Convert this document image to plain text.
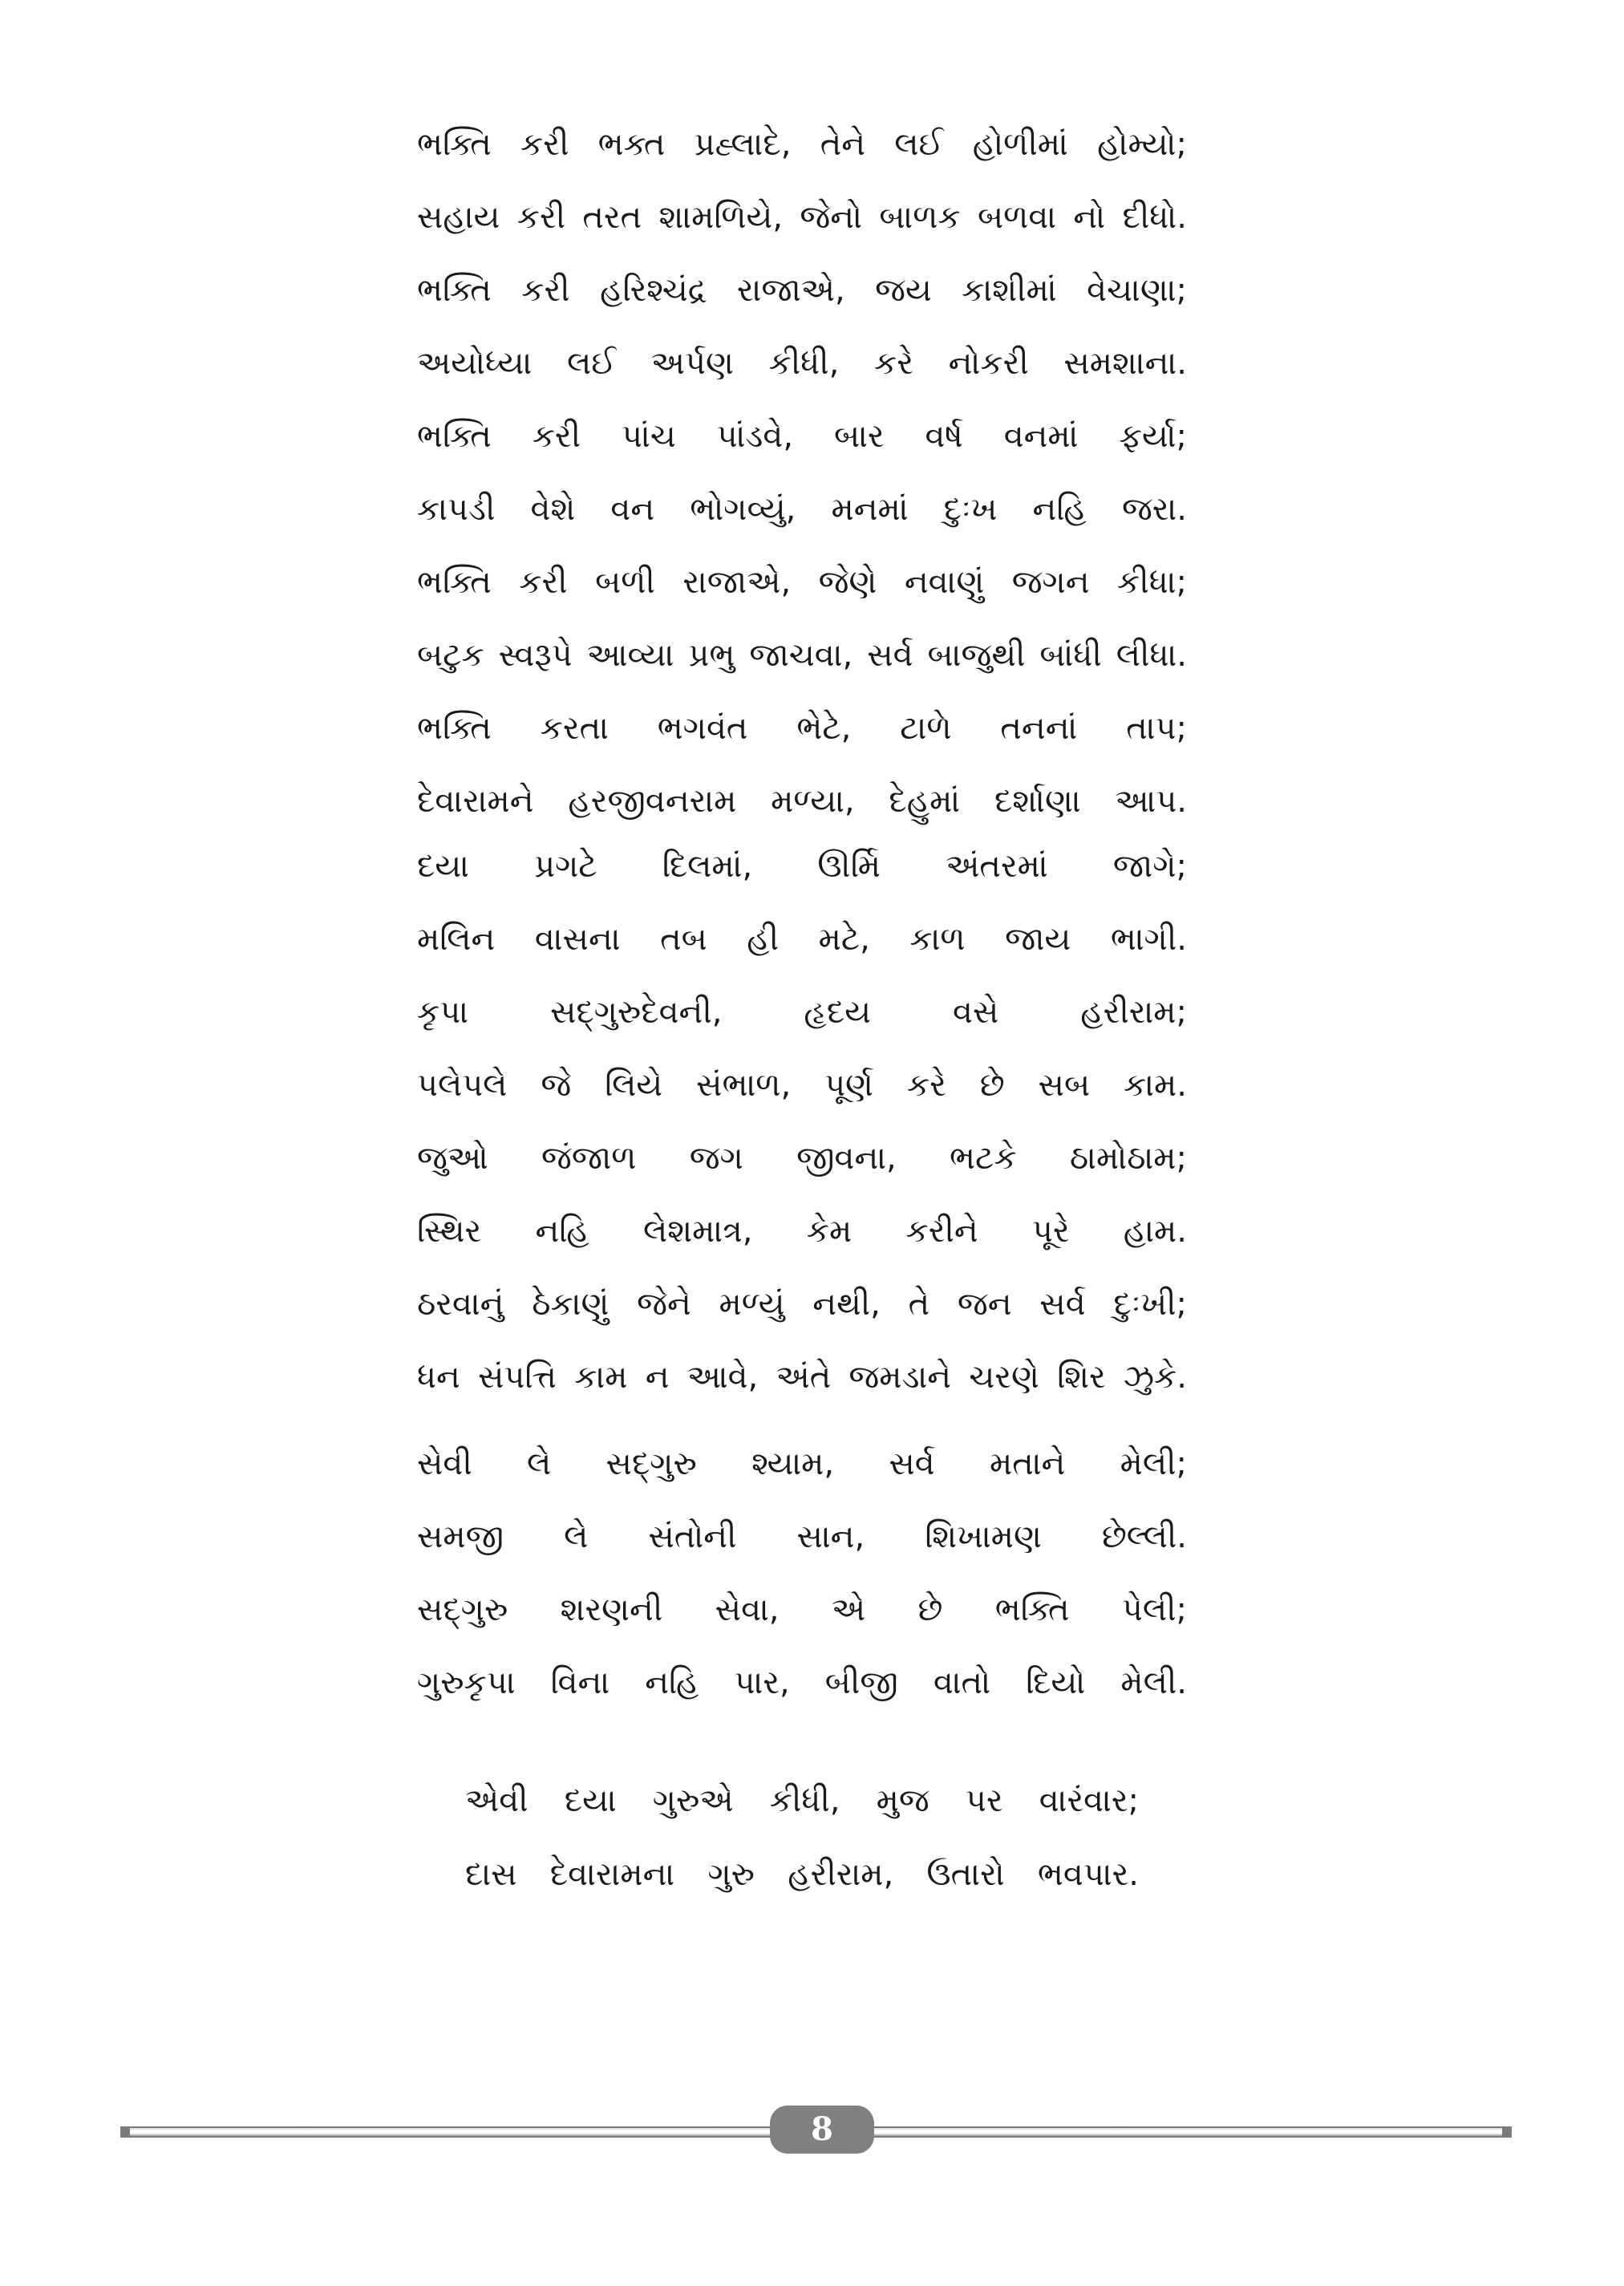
ભક્તિ કરી ભક્ત પ્રહ્લાદે, તેને લઈ હોળીમાં હોમ્યો;
સહાય કરી તરત શામળિયે, જેનો બાળક બળવા નો દીધો.
ભક્તિ કરી હરિશ્ચંદ્ર રાજાએ, જય કાશીમાં વેચાણા;
અયોધ્યા લઈ અર્પણ કીધી, કરે નોકરી સમશાના.
ભક્તિ કરી પાંચ પાંડવે, બાર વર્ષ વનમાં ફર્યા;
કાપડી વેશે વન ભોગવ્યું, મનમાં દુઃખ નહિ જરા.
ભક્તિ કરી બળી રાજાએ, જેણે નવાણું જગન કીધા;
બટુક સ્વરૂપે આવ્યા પ્રભુ જાચવા, સર્વ બાજુથી બાંધી લીધા.
ભક્તિ કરતા ભગવંત ભેટે, ટાળે તનનાં તાપ;
દેવારામને હરજીવનરામ મળ્યા, દેહુમાં દર્શાણા આપ.
દયા પ્રગટે દિલમાં, ઊર્મિ અંતરમાં જાગે;
મલિન વાસના તબ હી મટે, કાળ જાય ભાગી.
કૃપા સદ્ગુરુદેવની, હૃદય વસે હરીરામ;
પલેપલે જે લિયે સંભાળ, પૂર્ણ કરે છે સબ કામ.
જુઓ જંજાળ જગ જીવના, ભટકે ઠામોઠામ;
સ્થિર નહિ લેશમાત્ર, કેમ કરીને પૂરે હામ.
ઠરવાનું ઠેકાણું જેને મળ્યું નથી, તે જન સર્વ દુઃખી;
ધન સંપત્તિ કામ ન આવે, અંતે જમડાને ચરણે શિર ઝુકે.
સેવી લે સદ્ગુરુ શ્યામ, સર્વ મતાને મેલી;
સમજી લે સંતોની સાન, શિખામણ છેલ્લી.
સદ્ગુરુ શરણની સેવા, એ છે ભક્તિ પેલી;
ગુરુકૃપા વિના નહિ પાર, બીજી વાતો દિયો મેલી.
એવી દયા ગુરુએ કીધી, મુજ પર વારંવાર;
દાસ દેવારામના ગુરુ હરીરામ, ઉતારો ભવપાર.
8
